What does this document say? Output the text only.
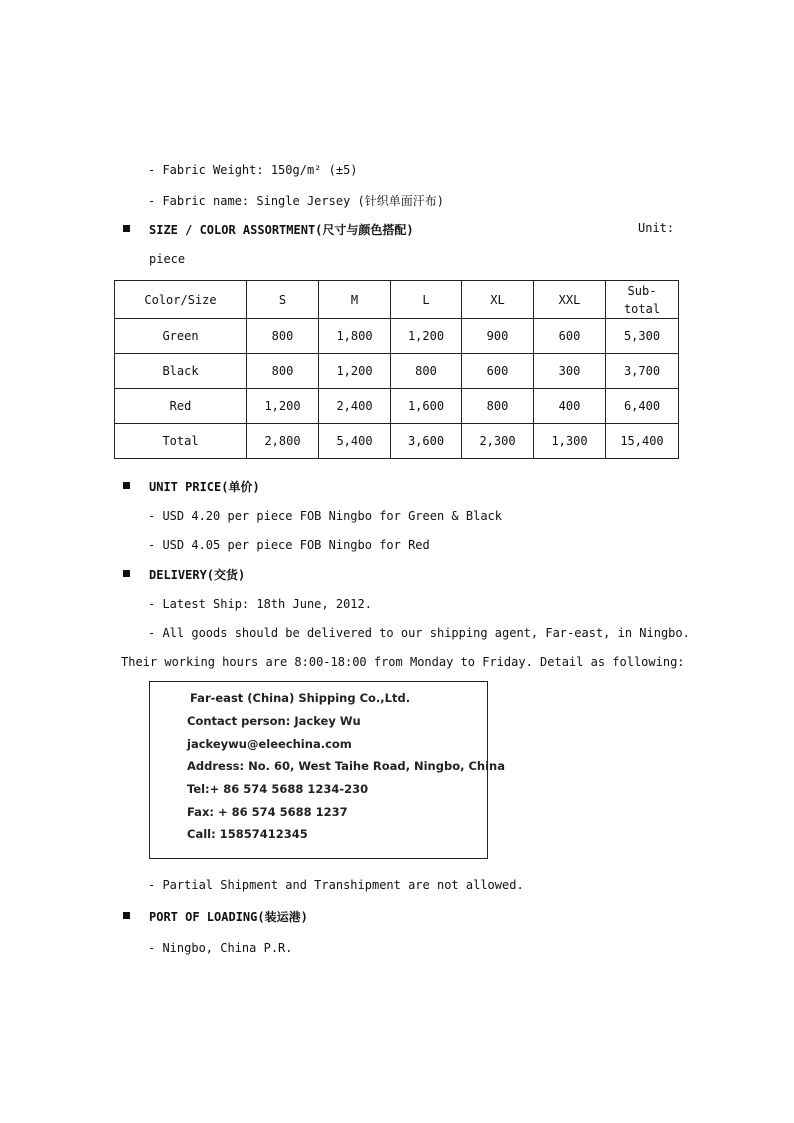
- Fabric Weight: 150g/m² (±5)
- Fabric name: Single Jersey (针织单面汗布)
SIZE / COLOR ASSORTMENT(尺寸与颜色搭配)	Unit:
piece
Color/Size	S	M	L	XL	XXL	Sub-total

Green	800	1,800	1,200	900	600	5,300
Black	800	1,200	800	600	300	3,700
Red	1,200	2,400	1,600	800	400	6,400
Total	2,800	5,400	3,600	2,300	1,300	15,400
UNIT PRICE(单价)
- USD 4.20 per piece FOB Ningbo for Green & Black
- USD 4.05 per piece FOB Ningbo for Red
DELIVERY(交货)
- Latest Ship: 18th June, 2012.
- All goods should be delivered to our shipping agent, Far-east, in Ningbo.
Their working hours are 8:00-18:00 from Monday to Friday. Detail as following:
Far-east (China) Shipping Co.,Ltd.
Contact person: Jackey Wu
jackeywu@eleechina.com
Address: No. 60, West Taihe Road, Ningbo, China
Tel:+ 86 574 5688 1234-230
Fax: + 86 574 5688 1237
Call: 15857412345
- Partial Shipment and Transhipment are not allowed.
PORT OF LOADING(装运港)
- Ningbo, China P.R.
